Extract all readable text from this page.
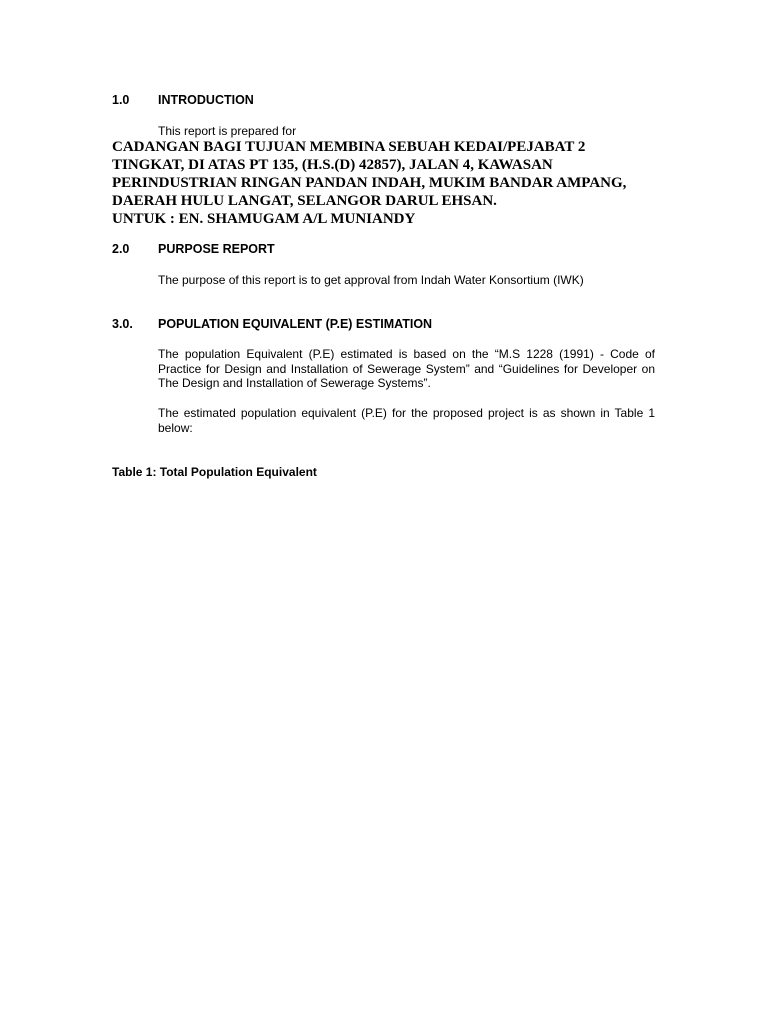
1.0 INTRODUCTION
This report is prepared for
CADANGAN BAGI TUJUAN MEMBINA SEBUAH KEDAI/PEJABAT 2
TINGKAT, DI ATAS PT 135, (H.S.(D) 42857), JALAN 4, KAWASAN
PERINDUSTRIAN RINGAN PANDAN INDAH, MUKIM BANDAR AMPANG,
DAERAH HULU LANGAT, SELANGOR DARUL EHSAN.
UNTUK : EN. SHAMUGAM A/L MUNIANDY
2.0 PURPOSE REPORT
The purpose of this report is to get approval from Indah Water Konsortium (IWK)
3.0. POPULATION EQUIVALENT (P.E) ESTIMATION
The population Equivalent (P.E) estimated is based on the “M.S 1228 (1991) - Code of Practice for Design and Installation of Sewerage System” and “Guidelines for Developer on The Design and Installation of Sewerage Systems”.
The estimated population equivalent (P.E) for the proposed project is as shown in Table 1 below:
Table 1: Total Population Equivalent
